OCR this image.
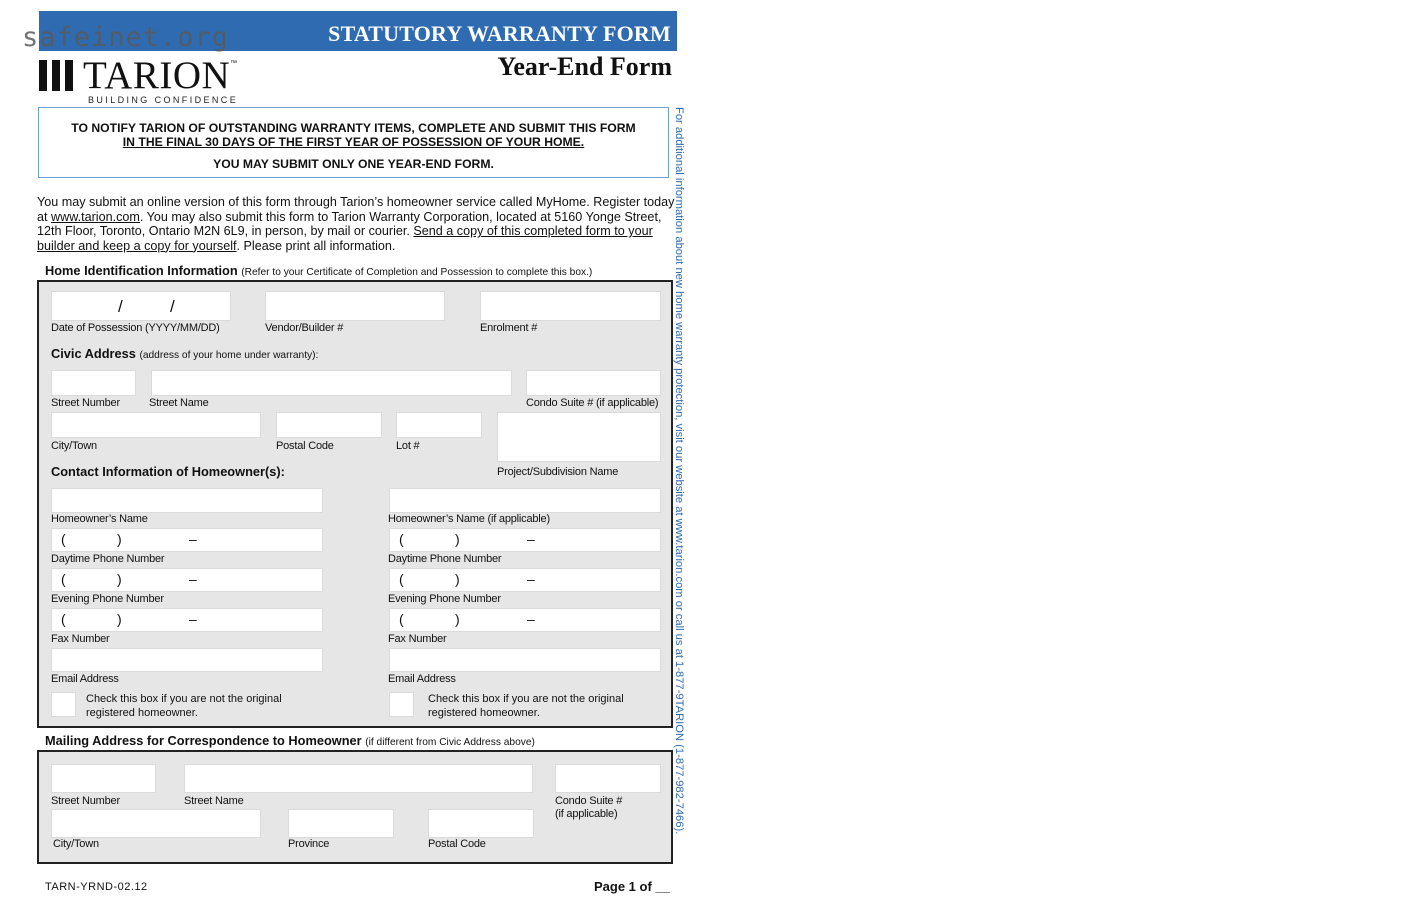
safeinet.org	STATUTORY WARRANTY FORM
Year-End Form
TARION ™
BUILDING CONFIDENCE
TO NOTIFY TARION OF OUTSTANDING WARRANTY ITEMS, COMPLETE AND SUBMIT THIS FORM
IN THE FINAL 30 DAYS OF THE FIRST YEAR OF POSSESSION OF YOUR HOME.
YOU MAY SUBMIT ONLY ONE YEAR-END FORM.
You may submit an online version of this form through Tarion’s homeowner service called MyHome. Register today at www.tarion.com. You may also submit this form to Tarion Warranty Corporation, located at 5160 Yonge Street, 12th Floor, Toronto, Ontario M2N 6L9, in person, by mail or courier. Send a copy of this completed form to your builder and keep a copy for yourself. Please print all information.
Home Identification Information (Refer to your Certificate of Completion and Possession to complete this box.)
/	/
Date of Possession (YYYY/MM/DD)	Vendor/Builder #	Enrolment #
Civic Address (address of your home under warranty):
Street Number	Street Name	Condo Suite # (if applicable)
City/Town	Postal Code	Lot #
Contact Information of Homeowner(s):	Project/Subdivision Name
Homeowner’s Name
(	)	–
Daytime Phone Number
(	)	–
Evening Phone Number
(	)	–
Fax Number
Email Address
Check this box if you are not the original
registered homeowner.
Homeowner’s Name (if applicable)
(	)	–
Daytime Phone Number
(	)	–
Evening Phone Number
(	)	–
Fax Number
Email Address
Check this box if you are not the original
registered homeowner.
Mailing Address for Correspondence to Homeowner (if different from Civic Address above)
Street Number	Street Name	Condo Suite #
(if applicable)
City/Town	Province	Postal Code
For additional information about new home warranty protection, visit our website at www.tarion.com or call us at 1-877-9TARION (1-877-982-7466).
TARN-YRND-02.12	Page 1 of __
